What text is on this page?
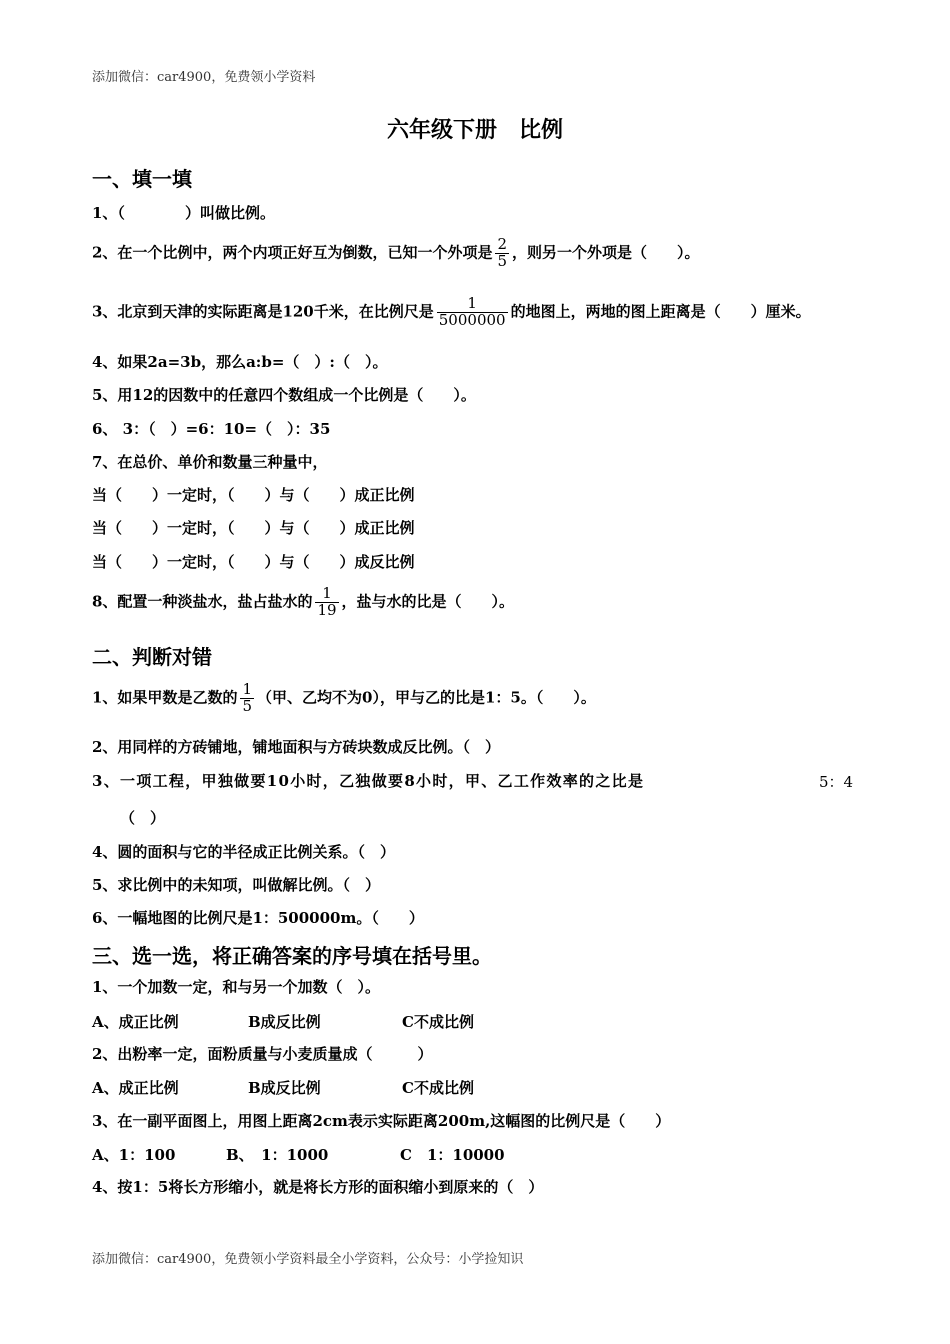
添加微信：car4900，免费领小学资料
六年级下册　比例
一、填一填
1、（　　　　）叫做比例。
2、在一个比例中，两个内项正好互为倒数，已知一个外项是 $\frac{2}{5}$ ，则另一个外项是（　　）。
3、北京到天津的实际距离是120千米，在比例尺是 $\frac{1}{5000000}$ 的地图上，两地的图上距离是（　　）厘米。
4、如果2a=3b，那么a:b=（　）:（　）。
5、用12的因数中的任意四个数组成一个比例是（　　）。
6、 3：（　）=6：10=（　）：35
7、在总价、单价和数量三种量中，
当（　　）一定时，（　　）与（　　）成正比例
当（　　）一定时，（　　）与（　　）成正比例
当（　　）一定时，（　　）与（　　）成反比例
8、配置一种淡盐水，盐占盐水的 $\frac{1}{19}$ ，盐与水的比是（　　）。
二、判断对错
1、如果甲数是乙数的 $\frac{1}{5}$ （甲、乙均不为0），甲与乙的比是1：5。（　　）。
2、用同样的方砖铺地，铺地面积与方砖块数成反比例。（　）
3、一项工程，甲独做要10小时，乙独做要8小时，甲、乙工作效率的之比是	5：4
（　）
4、圆的面积与它的半径成正比例关系。（　）
5、求比例中的未知项，叫做解比例。（　）
6、一幅地图的比例尺是1：500000m。（　　）
三、选一选，将正确答案的序号填在括号里。
1、一个加数一定，和与另一个加数（　）。
A、成正比例	B成反比例	C不成比例
2、出粉率一定，面粉质量与小麦质量成（　　　）
A、成正比例	B成反比例	C不成比例
3、在一副平面图上，用图上距离2cm表示实际距离200m,这幅图的比例尺是（　　）
A、1：100	B、　1：1000	C　1：10000
4、按1：5将长方形缩小，就是将长方形的面积缩小到原来的（　）
添加微信：car4900，免费领小学资料最全小学资料，公众号：小学捡知识
